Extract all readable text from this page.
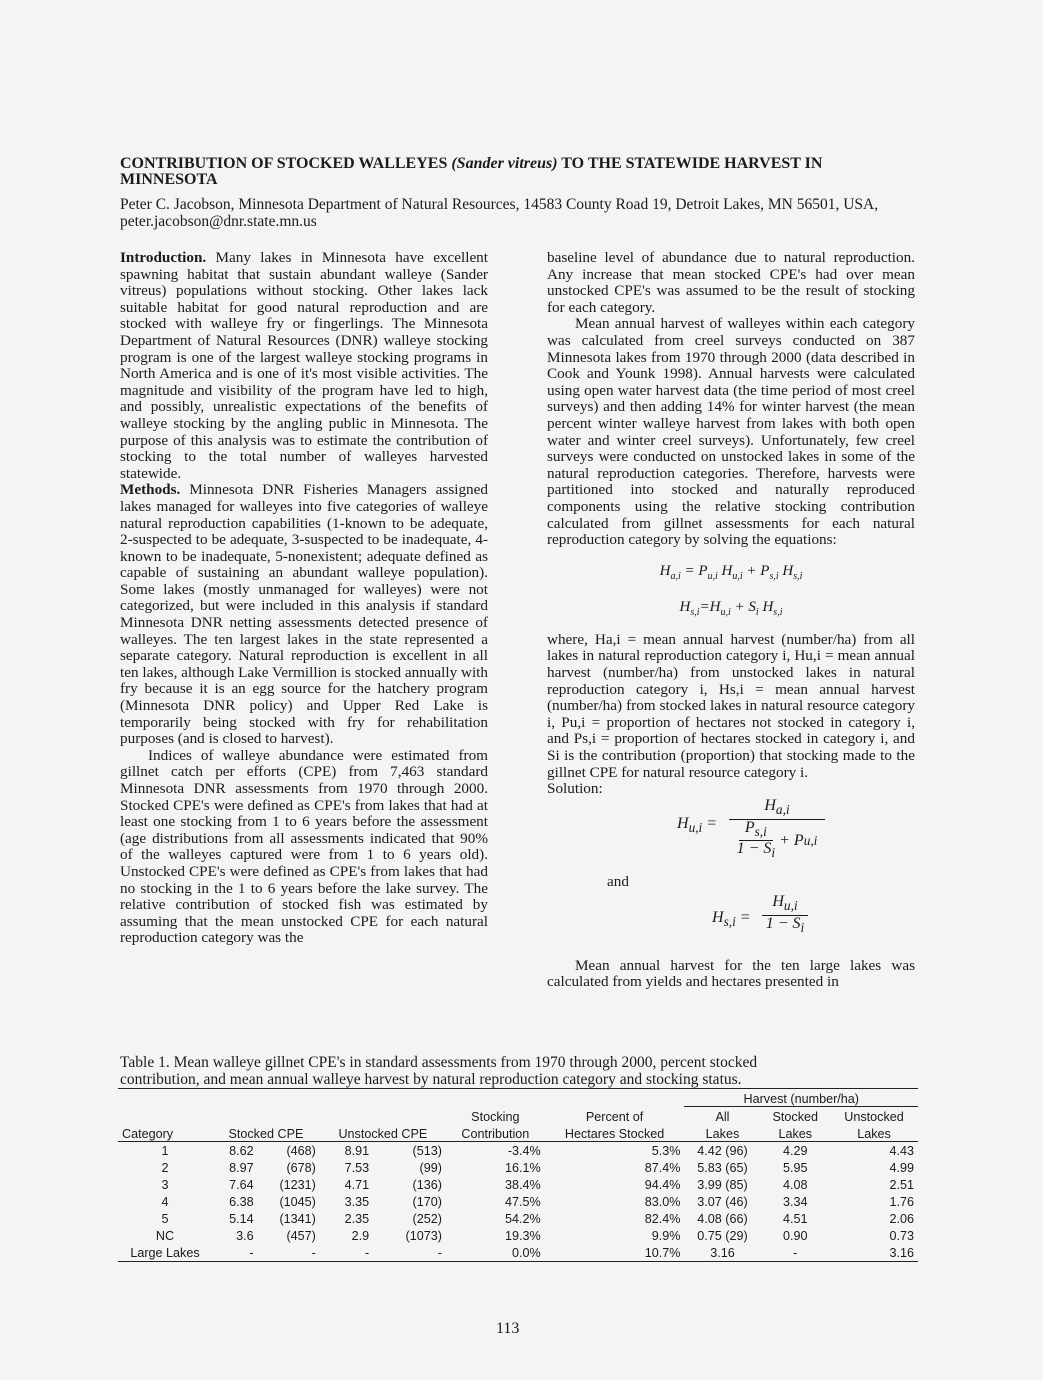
CONTRIBUTION OF STOCKED WALLEYES (Sander vitreus) TO THE STATEWIDE HARVEST IN MINNESOTA

Peter C. Jacobson, Minnesota Department of Natural Resources, 14583 County Road 19, Detroit Lakes, MN 56501, USA, peter.jacobson@dnr.state.mn.us

Introduction. Many lakes in Minnesota have excellent spawning habitat that sustain abundant walleye (Sander vitreus) populations without stocking. Other lakes lack suitable habitat for good natural reproduction and are stocked with walleye fry or fingerlings. The Minnesota Department of Natural Resources (DNR) walleye stocking program is one of the largest walleye stocking programs in North America and is one of it's most visible activities. The magnitude and visibility of the program have led to high, and possibly, unrealistic expectations of the benefits of walleye stocking by the angling public in Minnesota. The purpose of this analysis was to estimate the contribution of stocking to the total number of walleyes harvested statewide.

Methods. Minnesota DNR Fisheries Managers assigned lakes managed for walleyes into five categories of walleye natural reproduction capabilities (1-known to be adequate, 2-suspected to be adequate, 3-suspected to be inadequate, 4-known to be inadequate, 5-nonexistent; adequate defined as capable of sustaining an abundant walleye population). Some lakes (mostly unmanaged for walleyes) were not categorized, but were included in this analysis if standard Minnesota DNR netting assessments detected presence of walleyes. The ten largest lakes in the state represented a separate category. Natural reproduction is excellent in all ten lakes, although Lake Vermillion is stocked annually with fry because it is an egg source for the hatchery program (Minnesota DNR policy) and Upper Red Lake is temporarily being stocked with fry for rehabilitation purposes (and is closed to harvest).

Indices of walleye abundance were estimated from gillnet catch per efforts (CPE) from 7,463 standard Minnesota DNR assessments from 1970 through 2000. Stocked CPE's were defined as CPE's from lakes that had at least one stocking from 1 to 6 years before the assessment (age distributions from all assessments indicated that 90% of the walleyes captured were from 1 to 6 years old). Unstocked CPE's were defined as CPE's from lakes that had no stocking in the 1 to 6 years before the lake survey. The relative contribution of stocked fish was estimated by assuming that the mean unstocked CPE for each natural reproduction category was the

baseline level of abundance due to natural reproduction. Any increase that mean stocked CPE's had over mean unstocked CPE's was assumed to be the result of stocking for each category.

Mean annual harvest of walleyes within each category was calculated from creel surveys conducted on 387 Minnesota lakes from 1970 through 2000 (data described in Cook and Younk 1998). Annual harvests were calculated using open water harvest data (the time period of most creel surveys) and then adding 14% for winter harvest (the mean percent winter walleye harvest from lakes with both open water and winter creel surveys). Unfortunately, few creel surveys were conducted on unstocked lakes in some of the natural reproduction categories. Therefore, harvests were partitioned into stocked and naturally reproduced components using the relative stocking contribution calculated from gillnet assessments for each natural reproduction category by solving the equations:

$H_{a,i} = P_{u,i}$ $H_{u,i} + P_{s,i}$ $H_{s,i}$
$H_{s,i}=H_{u,i} + S_i$ $H_{s,i}$

where, Ha,i = mean annual harvest (number/ha) from all lakes in natural reproduction category i, Hu,i = mean annual harvest (number/ha) from unstocked lakes in natural reproduction category i, Hs,i = mean annual harvest (number/ha) from stocked lakes in natural resource category i, Pu,i = proportion of hectares not stocked in category i, and Ps,i = proportion of hectares stocked in category i, and Si is the contribution (proportion) that stocking made to the gillnet CPE for natural resource category i.

Solution:

$H_{u,i}$ =
$H_{a,i}$
$P_{s,i}$
$1 - S_i$
+ P u,i
and
$H_{s,i}$ =
$H_{u,i}$
$1 - S_i$

Mean annual harvest for the ten large lakes was calculated from yields and hectares presented in

Table 1. Mean walleye gillnet CPE's in standard assessments from 1970 through 2000, percent stocked contribution, and mean annual walleye harvest by natural reproduction category and stocking status.

							Harvest (number/ha)		
					Stocking	Percent of	All	Stocked	Unstocked
Category	Stocked CPE		Unstocked CPE		Contribution	Hectares Stocked	Lakes	Lakes	Lakes
1	8.62	(468)	8.91	(513)	-3.4%	5.3%	4.42 (96)	4.29	4.43
2	8.97	(678)	7.53	(99)	16.1%	87.4%	5.83 (65)	5.95	4.99
3	7.64	(1231)	4.71	(136)	38.4%	94.4%	3.99 (85)	4.08	2.51
4	6.38	(1045)	3.35	(170)	47.5%	83.0%	3.07 (46)	3.34	1.76
5	5.14	(1341)	2.35	(252)	54.2%	82.4%	4.08 (66)	4.51	2.06
NC	3.6	(457)	2.9	(1073)	19.3%	9.9%	0.75 (29)	0.90	0.73
Large Lakes	-	-	-	-	0.0%	10.7%	3.16	-	3.16
113
